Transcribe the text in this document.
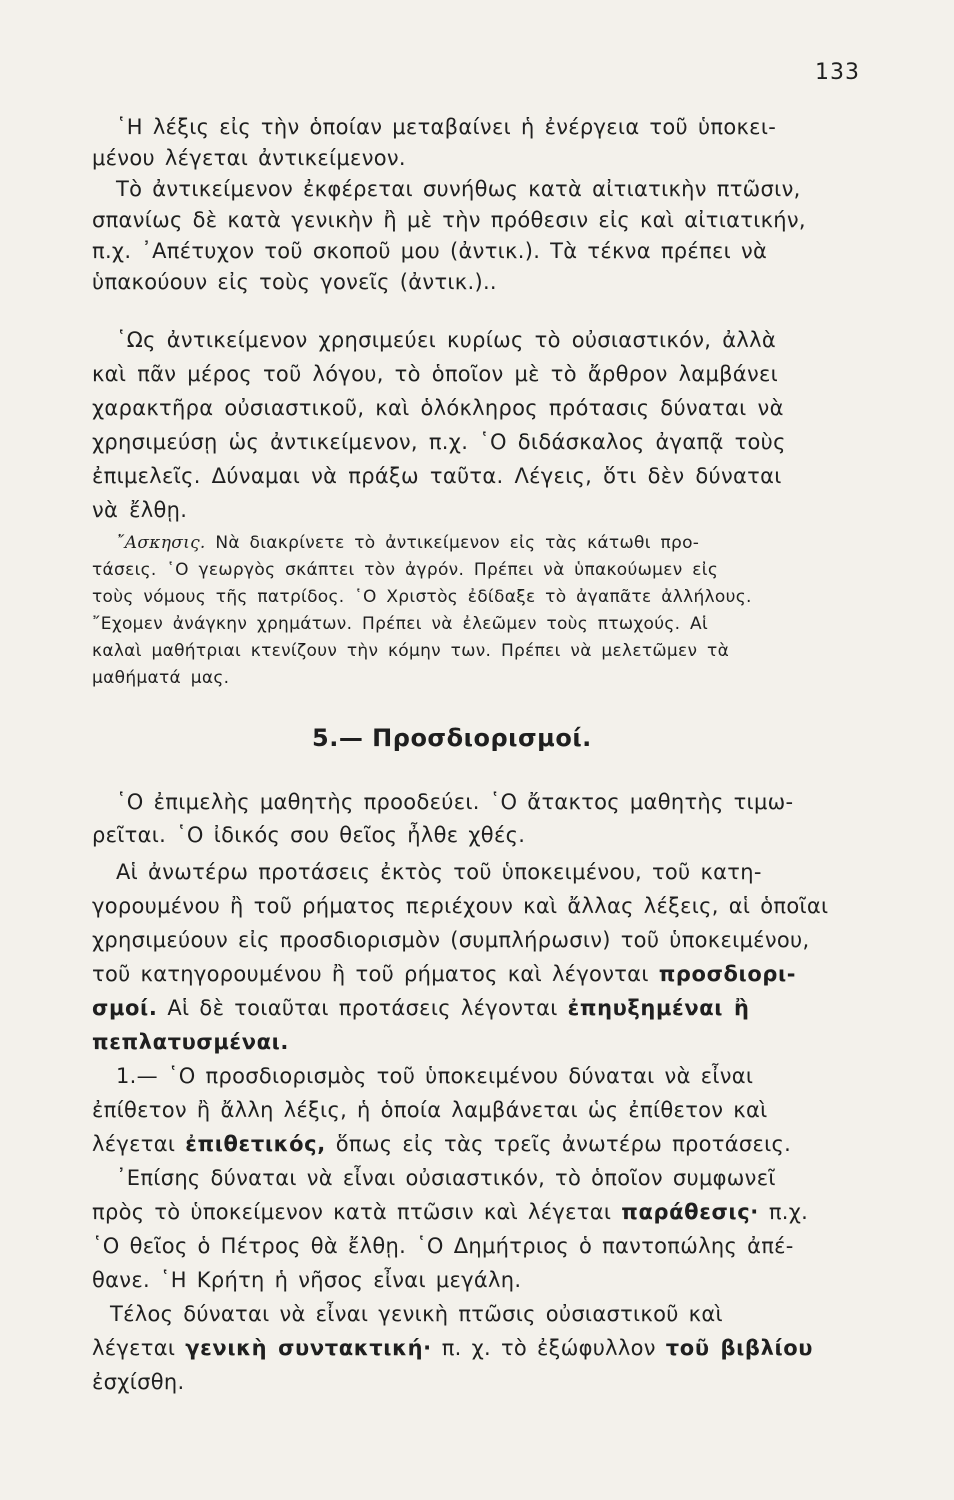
133
῾Η λέξις εἰς τὴν ὁποίαν μεταβαίνει ἡ ἐνέργεια τοῦ ὑποκει-
μένου λέγεται ἀντικείμενον.
Τὸ ἀντικείμενον ἐκφέρεται συνήθως κατὰ αἰτιατικὴν πτῶσιν,
σπανίως δὲ κατὰ γενικὴν ἢ μὲ τὴν πρόθεσιν εἰς καὶ αἰτιατικήν,
π.χ. ᾿Απέτυχον τοῦ σκοποῦ μου (ἀντικ.). Τὰ τέκνα πρέπει νὰ
ὑπακούουν εἰς τοὺς γονεῖς (ἀντικ.)..
῾Ως ἀντικείμενον χρησιμεύει κυρίως τὸ οὐσιαστικόν, ἀλλὰ
καὶ πᾶν μέρος τοῦ λόγου, τὸ ὁποῖον μὲ τὸ ἄρθρον λαμβάνει
χαρακτῆρα οὐσιαστικοῦ, καὶ ὁλόκληρος πρότασις δύναται νὰ
χρησιμεύσῃ ὡς ἀντικείμενον, π.χ. ῾Ο διδάσκαλος ἀγαπᾷ τοὺς
ἐπιμελεῖς. Δύναμαι νὰ πράξω ταῦτα. Λέγεις, ὅτι δὲν δύναται
νὰ ἔλθῃ.
῎Ασκησις. Νὰ διακρίνετε τὸ ἀντικείμενον εἰς τὰς κάτωθι προ-
τάσεις. ῾Ο γεωργὸς σκάπτει τὸν ἀγρόν. Πρέπει νὰ ὑπακούωμεν εἰς
τοὺς νόμους τῆς πατρίδος. ῾Ο Χριστὸς ἐδίδαξε τὸ ἀγαπᾶτε ἀλλήλους.
῎Εχομεν ἀνάγκην χρημάτων. Πρέπει νὰ ἐλεῶμεν τοὺς πτωχούς. Αἱ
καλαὶ μαθήτριαι κτενίζουν τὴν κόμην των. Πρέπει νὰ μελετῶμεν τὰ
μαθήματά μας.
5.— Προσδιορισμοί.
῾Ο ἐπιμελὴς μαθητὴς προοδεύει. ῾Ο ἄτακτος μαθητὴς τιμω-
ρεῖται. ῾Ο ἰδικός σου θεῖος ἦλθε χθές.
Αἱ ἀνωτέρω προτάσεις ἐκτὸς τοῦ ὑποκειμένου, τοῦ κατη-
γορουμένου ἢ τοῦ ρήματος περιέχουν καὶ ἄλλας λέξεις, αἱ ὁποῖαι
χρησιμεύουν εἰς προσδιορισμὸν (συμπλήρωσιν) τοῦ ὑποκειμένου,
τοῦ κατηγορουμένου ἢ τοῦ ρήματος καὶ λέγονται προσδιορι-
σμοί. Αἱ δὲ τοιαῦται προτάσεις λέγονται ἐπηυξημέναι ἢ
πεπλατυσμέναι.
1.— ῾Ο προσδιορισμὸς τοῦ ὑποκειμένου δύναται νὰ εἶναι
ἐπίθετον ἢ ἄλλη λέξις, ἡ ὁποία λαμβάνεται ὡς ἐπίθετον καὶ
λέγεται ἐπιθετικός, ὅπως εἰς τὰς τρεῖς ἀνωτέρω προτάσεις.
᾿Επίσης δύναται νὰ εἶναι οὐσιαστικόν, τὸ ὁποῖον συμφωνεῖ
πρὸς τὸ ὑποκείμενον κατὰ πτῶσιν καὶ λέγεται παράθεσις· π.χ.
῾Ο θεῖος ὁ Πέτρος θὰ ἔλθῃ. ῾Ο Δημήτριος ὁ παντοπώλης ἀπέ-
θανε. ῾Η Κρήτη ἡ νῆσος εἶναι μεγάλη.
Τέλος δύναται νὰ εἶναι γενικὴ πτῶσις οὐσιαστικοῦ καὶ
λέγεται γενικὴ συντακτική· π. χ. τὸ ἐξώφυλλον τοῦ βιβλίου
ἐσχίσθη.
